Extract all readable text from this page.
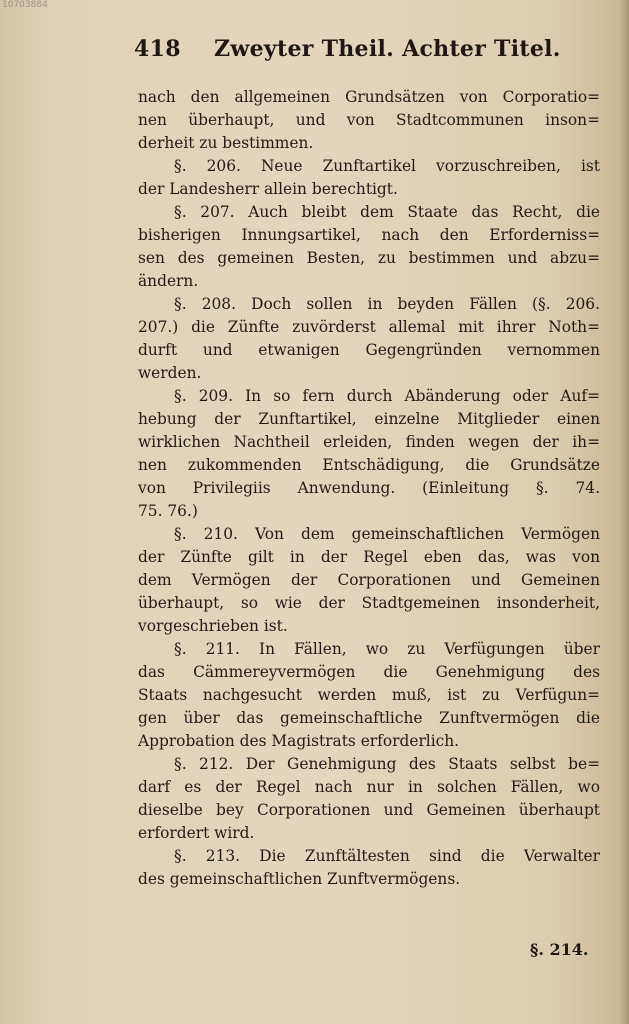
10703884
418 Zweyter Theil. Achter Titel.
nach den allgemeinen Grundsätzen von Corporatio=
nen überhaupt, und von Stadtcommunen inson=
derheit zu bestimmen.
§. 206. Neue Zunftartikel vorzuschreiben, ist
der Landesherr allein berechtigt.
§. 207. Auch bleibt dem Staate das Recht, die
bisherigen Innungsartikel, nach den Erforderniss=
sen des gemeinen Besten, zu bestimmen und abzu=
ändern.
§. 208. Doch sollen in beyden Fällen (§. 206.
207.) die Zünfte zuvörderst allemal mit ihrer Noth=
durft und etwanigen Gegengründen vernommen
werden.
§. 209. In so fern durch Abänderung oder Auf=
hebung der Zunftartikel, einzelne Mitglieder einen
wirklichen Nachtheil erleiden, finden wegen der ih=
nen zukommenden Entschädigung, die Grundsätze
von Privilegiis Anwendung. (Einleitung §. 74.
75. 76.)
§. 210. Von dem gemeinschaftlichen Vermögen
der Zünfte gilt in der Regel eben das, was von
dem Vermögen der Corporationen und Gemeinen
überhaupt, so wie der Stadtgemeinen insonderheit,
vorgeschrieben ist.
§. 211. In Fällen, wo zu Verfügungen über
das Cämmereyvermögen die Genehmigung des
Staats nachgesucht werden muß, ist zu Verfügun=
gen über das gemeinschaftliche Zunftvermögen die
Approbation des Magistrats erforderlich.
§. 212. Der Genehmigung des Staats selbst be=
darf es der Regel nach nur in solchen Fällen, wo
dieselbe bey Corporationen und Gemeinen überhaupt
erfordert wird.
§. 213. Die Zunftältesten sind die Verwalter
des gemeinschaftlichen Zunftvermögens.
§. 214.
